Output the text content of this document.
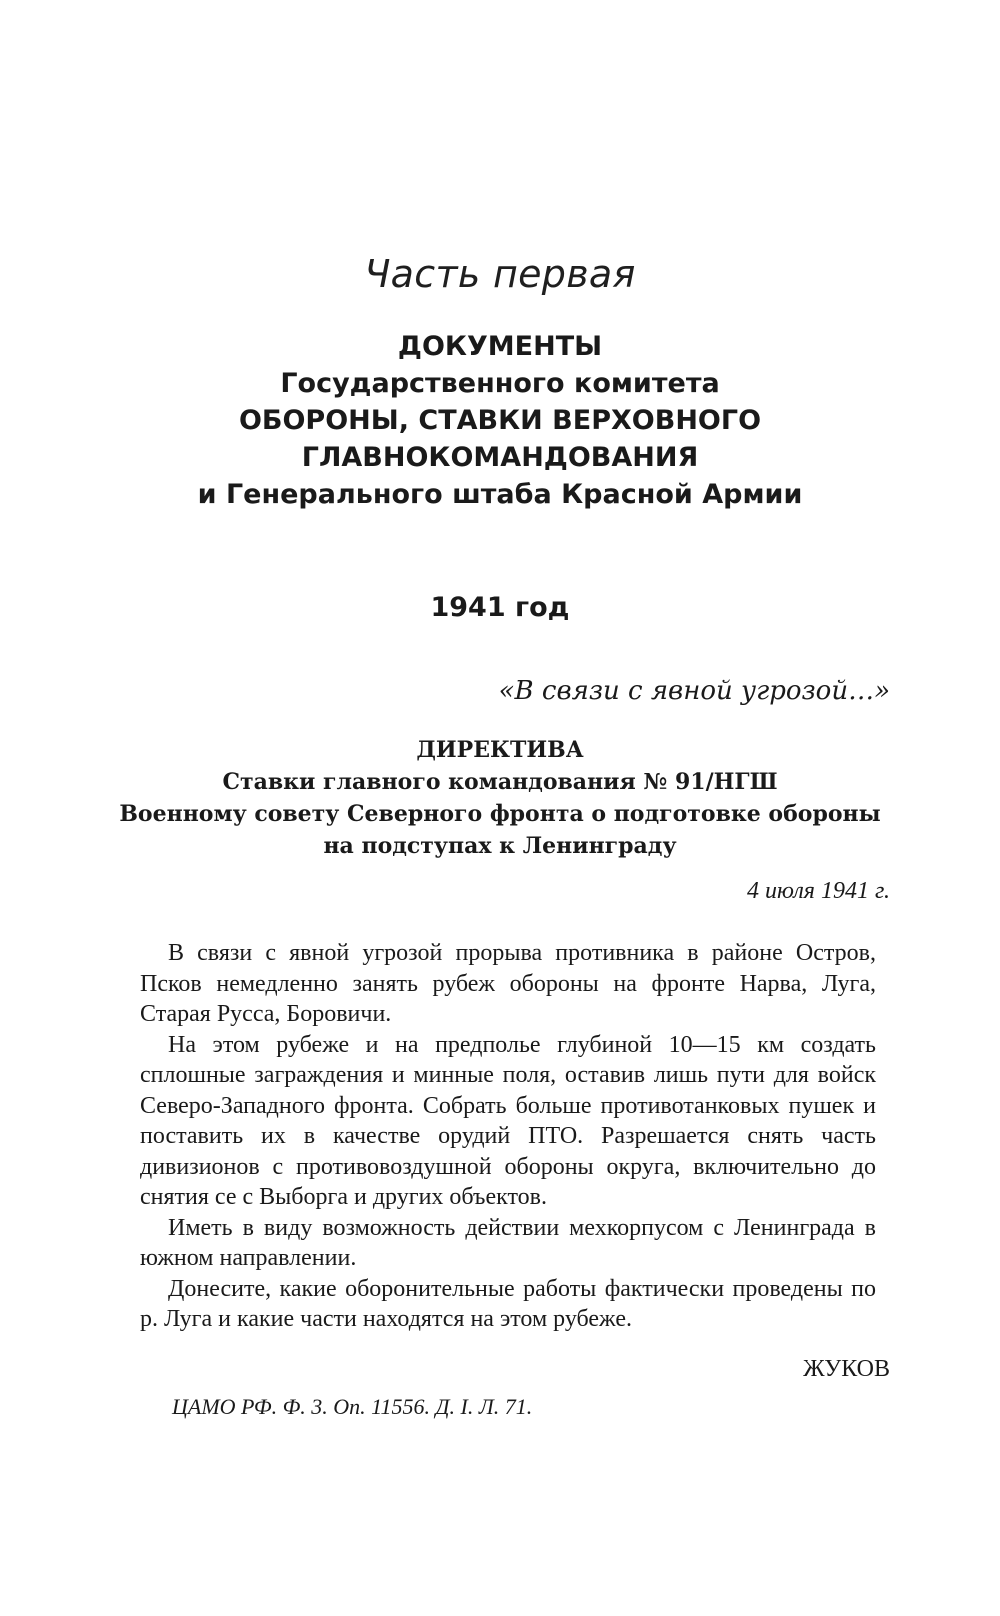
Часть первая
ДОКУМЕНТЫ
Государственного комитета
ОБОРОНЫ, СТАВКИ ВЕРХОВНОГО
ГЛАВНОКОМАНДОВАНИЯ
и Генерального штаба Красной Армии
1941 год
«В связи с явной угрозой…»
ДИРЕКТИВА
Ставки главного командования № 91/НГШ
Военному совету Северного фронта о подготовке обороны
на подступах к Ленинграду
4 июля 1941 г.

В связи с явной угрозой прорыва противника в районе Остров, Псков немедленно занять рубеж обороны на фронте Нарва, Луга, Старая Русса, Боровичи.

На этом рубеже и на предполье глубиной 10—15 км создать сплошные заграждения и минные поля, оставив лишь пути для войск Северо-Западного фронта. Собрать больше противотанковых пушек и поставить их в качестве орудий ПТО. Разрешается снять часть дивизионов с противовоздушной обороны округа, включительно до снятия се с Выборга и других объектов.

Иметь в виду возможность действии мехкорпусом с Ленинграда в южном направлении.

Донесите, какие оборонительные работы фактически проведены по р. Луга и какие части находятся на этом рубеже.

ЖУКОВ
ЦАМО РФ. Ф. 3. Оп. 11556. Д. I. Л. 71.
